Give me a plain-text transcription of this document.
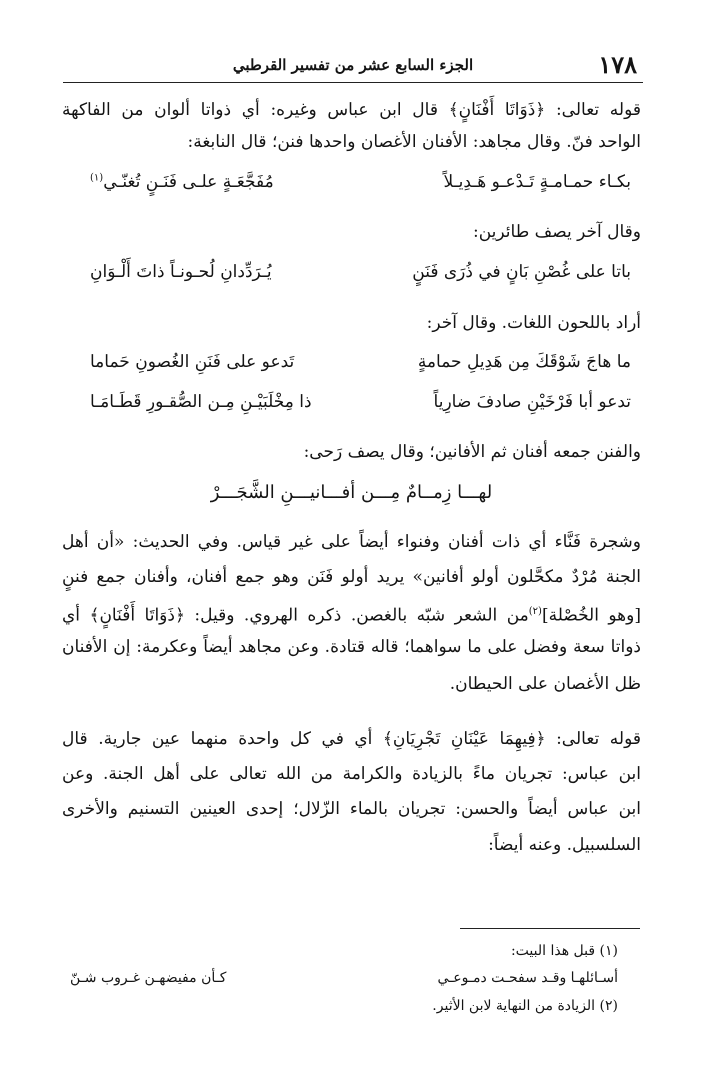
١٧٨
الجزء السابع عشر من تفسير القرطبي
قوله تعالى: ﴿ذَوَاتَا أَفْنَانٍ﴾ قال ابن عباس وغيره: أي ذواتا ألوان من الفاكهة
الواحد فنّ. وقال مجاهد: الأفنان الأغصان واحدها فنن؛ قال النابغة:
بكـاء حمـامـةٍ تَـدْعـو هَـدِيـلاً
مُفَجَّعَـةٍ علـى فَنَـنٍ تُغنّـي$^{(١)}$
وقال آخر يصف طائرين:
باتا على غُصْنِ بَانٍ في ذُرَى فَنَنٍ
يُـرَدِّدانِ لُحـونـاً ذاتَ أَلْـوَانِ
أراد باللحون اللغات. وقال آخر:
ما هاجَ شَوْقَكَ مِن هَدِيلِ حمامةٍ
تَدعو على فَنَنِ الغُصونِ حَماما
تدعو أبا فَرْخَيْنِ صادفَ ضارِياً
ذا مِخْلَبَيْـنِ مِـن الصُّقـورِ قَطَـامَـا
والفنن جمعه أفنان ثم الأفانين؛ وقال يصف رَحى:
لهـــا زِمــامٌ مِـــن أفـــانيـــنِ الشَّجَـــرْ
وشجرة فَنَّاء أي ذات أفنان وفنواء أيضاً على غير قياس. وفي الحديث: «أن أهل
الجنة مُرْدٌ مكحَّلون أولو أفانين» يريد أولو فَنَن وهو جمع أفنان، وأفنان جمع فننٍ
[وهو الخُصْلة]$^{(٢)}$من الشعر شبّه بالغصن. ذكره الهروي. وقيل: ﴿ذَوَاتَا أَفْنَانٍ﴾ أي
ذواتا سعة وفضل على ما سواهما؛ قاله قتادة. وعن مجاهد أيضاً وعكرمة: إن الأفنان
ظل الأغصان على الحيطان.
قوله تعالى: ﴿فِيهِمَا عَيْنَانِ تَجْرِيَانِ﴾ أي في كل واحدة منهما عين جارية. قال
ابن عباس: تجريان ماءً بالزيادة والكرامة من الله تعالى على أهل الجنة. وعن
ابن عباس أيضاً والحسن: تجريان بالماء الزّلال؛ إحدى العينين التسنيم والأخرى
السلسبيل. وعنه أيضاً:
(١) قبل هذا البيت:
أسـائلهـا وقـد سفحـت دمـوعـي
كـأن مفيضهـن غـروب شـنّ
(٢) الزيادة من النهاية لابن الأثير.
